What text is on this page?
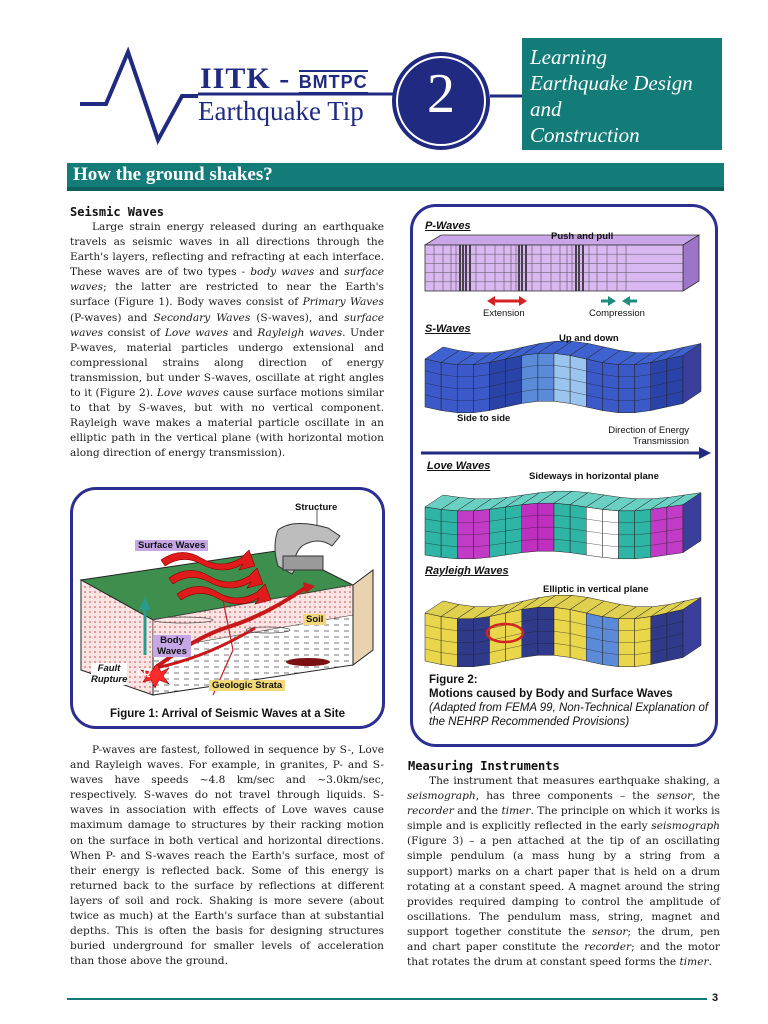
IITK - BMTPC
Earthquake Tip	2
Learning
Earthquake Design
and
Construction
How the ground shakes?
Seismic Waves
Large strain energy released during an earthquake travels as seismic waves in all directions through the Earth's layers, reflecting and refracting at each interface. These waves are of two types - body waves and surface waves; the latter are restricted to near the Earth's surface (Figure 1). Body waves consist of Primary Waves (P-waves) and Secondary Waves (S-waves), and surface waves consist of Love waves and Rayleigh waves. Under P-waves, material particles undergo extensional and compressional strains along direction of energy transmission, but under S-waves, oscillate at right angles to it (Figure 2). Love waves cause surface motions similar to that by S-waves, but with no vertical component. Rayleigh wave makes a material particle oscillate in an elliptic path in the vertical plane (with horizontal motion along direction of energy transmission).
Structure
Surface Waves
Soil
Body Waves
Fault Rupture
EQ
Geologic Strata
Figure 1: Arrival of Seismic Waves at a Site
P-waves are fastest, followed in sequence by S-, Love and Rayleigh waves. For example, in granites, P- and S-waves have speeds ~4.8 km/sec and ~3.0km/sec, respectively. S-waves do not travel through liquids. S-waves in association with effects of Love waves cause maximum damage to structures by their racking motion on the surface in both vertical and horizontal directions. When P- and S-waves reach the Earth's surface, most of their energy is reflected back. Some of this energy is returned back to the surface by reflections at different layers of soil and rock. Shaking is more severe (about twice as much) at the Earth's surface than at substantial depths. This is often the basis for designing structures buried underground for smaller levels of acceleration than those above the ground.
P-Waves
Push and pull
Extension	Compression
S-Waves
Up and down
Side to side
Direction of Energy Transmission
Love Waves
Sideways in horizontal plane
Rayleigh Waves
Elliptic in vertical plane
Figure 2:
Motions caused by Body and Surface Waves
(Adapted from FEMA 99, Non-Technical Explanation of the NEHRP Recommended Provisions)
Measuring Instruments
The instrument that measures earthquake shaking, a seismograph, has three components – the sensor, the recorder and the timer. The principle on which it works is simple and is explicitly reflected in the early seismograph (Figure 3) – a pen attached at the tip of an oscillating simple pendulum (a mass hung by a string from a support) marks on a chart paper that is held on a drum rotating at a constant speed. A magnet around the string provides required damping to control the amplitude of oscillations. The pendulum mass, string, magnet and support together constitute the sensor; the drum, pen and chart paper constitute the recorder; and the motor that rotates the drum at constant speed forms the timer.
3
